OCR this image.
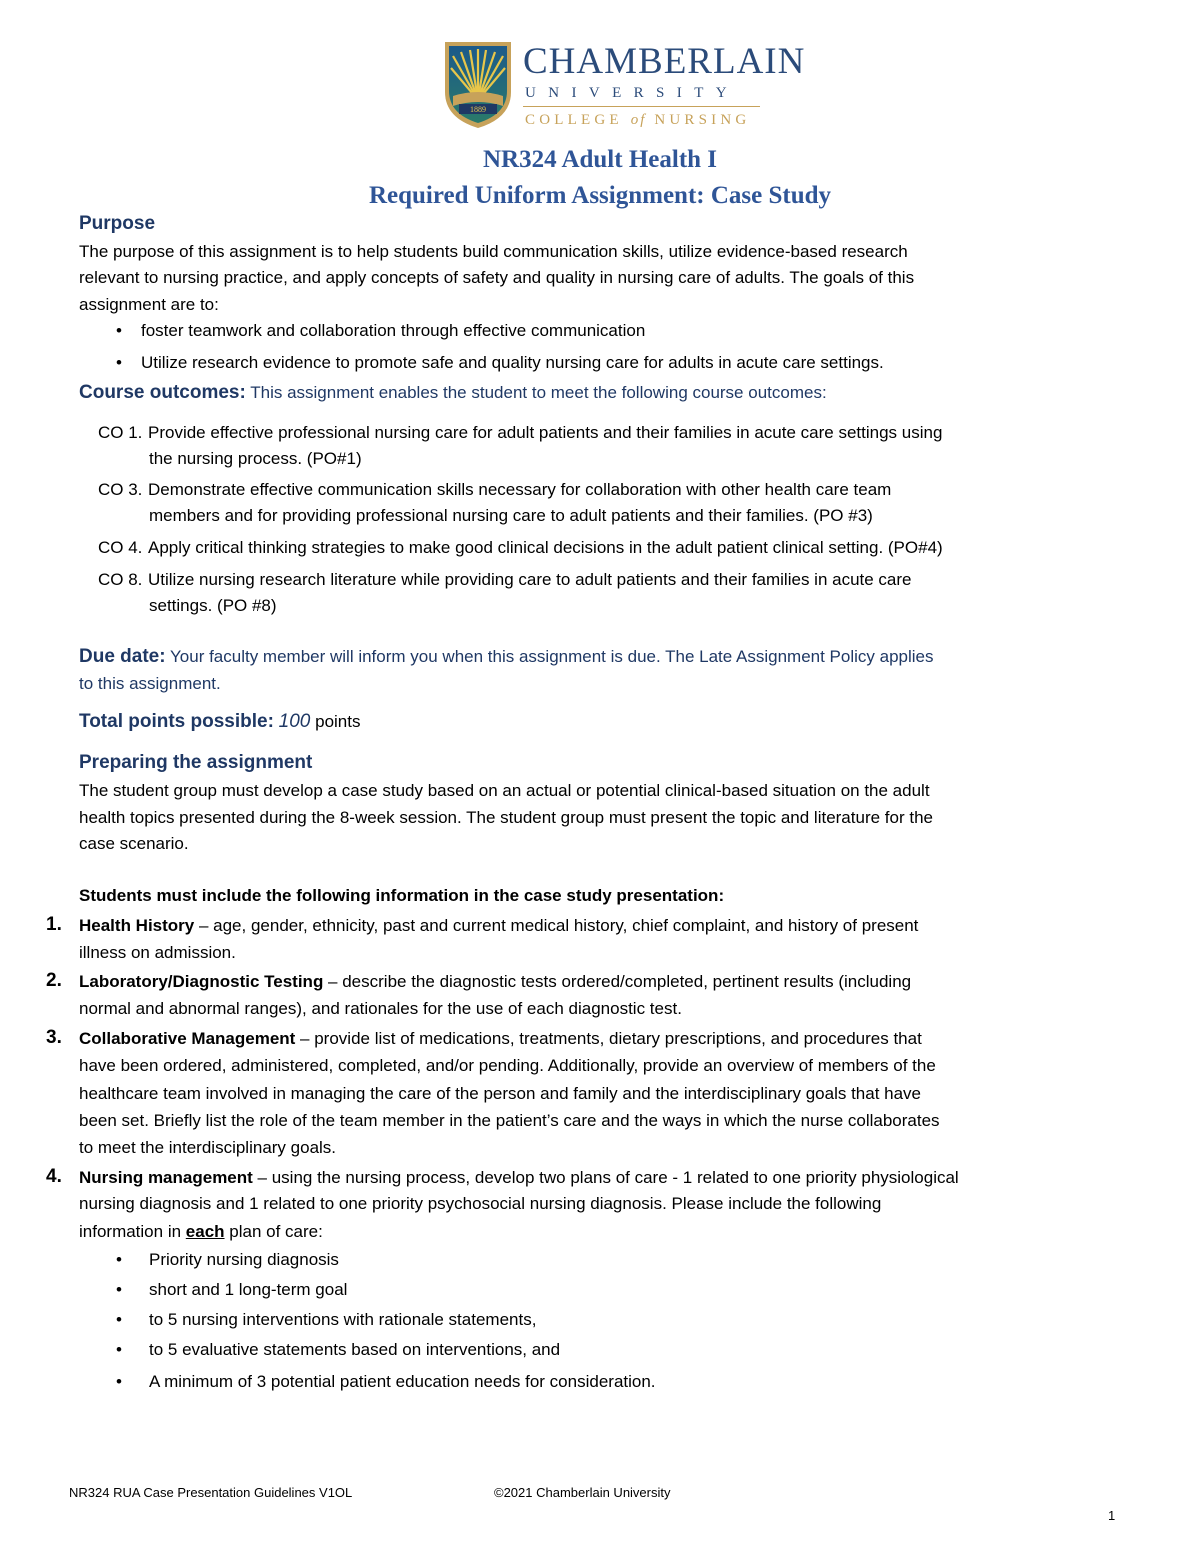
1889
CHAMBERLAIN
UNIVERSITY
COLLEGE of NURSING
NR324 Adult Health I
Required Uniform Assignment: Case Study
Purpose
The purpose of this assignment is to help students build communication skills, utilize evidence-based research
relevant to nursing practice, and apply concepts of safety and quality in nursing care of adults. The goals of this
assignment are to:
• foster teamwork and collaboration through effective communication
• Utilize research evidence to promote safe and quality nursing care for adults in acute care settings.
Course outcomes: This assignment enables the student to meet the following course outcomes:
CO 1. Provide effective professional nursing care for adult patients and their families in acute care settings using
the nursing process. (PO#1)
CO 3. Demonstrate effective communication skills necessary for collaboration with other health care team
members and for providing professional nursing care to adult patients and their families. (PO #3)
CO 4. Apply critical thinking strategies to make good clinical decisions in the adult patient clinical setting. (PO#4)
CO 8. Utilize nursing research literature while providing care to adult patients and their families in acute care
settings. (PO #8)
Due date: Your faculty member will inform you when this assignment is due. The Late Assignment Policy applies
to this assignment.
Total points possible: 100 points
Preparing the assignment
The student group must develop a case study based on an actual or potential clinical-based situation on the adult
health topics presented during the 8-week session. The student group must present the topic and literature for the
case scenario.
Students must include the following information in the case study presentation:
1. Health History – age, gender, ethnicity, past and current medical history, chief complaint, and history of present
illness on admission.
2. Laboratory/Diagnostic Testing – describe the diagnostic tests ordered/completed, pertinent results (including
normal and abnormal ranges), and rationales for the use of each diagnostic test.
3. Collaborative Management – provide list of medications, treatments, dietary prescriptions, and procedures that
have been ordered, administered, completed, and/or pending. Additionally, provide an overview of members of the
healthcare team involved in managing the care of the person and family and the interdisciplinary goals that have
been set. Briefly list the role of the team member in the patient’s care and the ways in which the nurse collaborates
to meet the interdisciplinary goals.
4. Nursing management – using the nursing process, develop two plans of care - 1 related to one priority physiological
nursing diagnosis and 1 related to one priority psychosocial nursing diagnosis. Please include the following
information in each plan of care:
• Priority nursing diagnosis
• short and 1 long-term goal
• to 5 nursing interventions with rationale statements,
• to 5 evaluative statements based on interventions, and
• A minimum of 3 potential patient education needs for consideration.
NR324 RUA Case Presentation Guidelines V1OL	©2021 Chamberlain University
1
